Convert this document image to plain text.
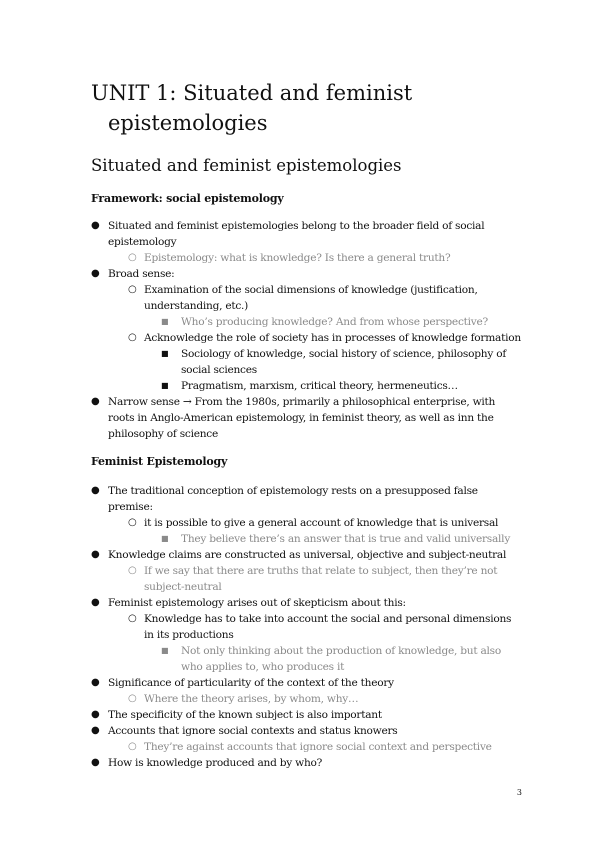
UNIT 1: Situated and feminist
epistemologies
Situated and feminist epistemologies
Framework: social epistemology
● Situated and feminist epistemologies belong to the broader field of social epistemology
○ Epistemology: what is knowledge? Is there a general truth?
● Broad sense:
○ Examination of the social dimensions of knowledge (justification, understanding, etc.)
■ Who’s producing knowledge? And from whose perspective?
○ Acknowledge the role of society has in processes of knowledge formation
■ Sociology of knowledge, social history of science, philosophy of social sciences
■ Pragmatism, marxism, critical theory, hermeneutics…
● Narrow sense → From the 1980s, primarily a philosophical enterprise, with roots in Anglo-American epistemology, in feminist theory, as well as inn the philosophy of science
Feminist Epistemology
● The traditional conception of epistemology rests on a presupposed false premise:
○ it is possible to give a general account of knowledge that is universal
■ They believe there’s an answer that is true and valid universally
● Knowledge claims are constructed as universal, objective and subject-neutral
○ If we say that there are truths that relate to subject, then they’re not subject-neutral
● Feminist epistemology arises out of skepticism about this:
○ Knowledge has to take into account the social and personal dimensions in its productions
■ Not only thinking about the production of knowledge, but also who applies to, who produces it
● Significance of particularity of the context of the theory
○ Where the theory arises, by whom, why…
● The specificity of the known subject is also important
● Accounts that ignore social contexts and status knowers
○ They’re against accounts that ignore social context and perspective
● How is knowledge produced and by who?
3
